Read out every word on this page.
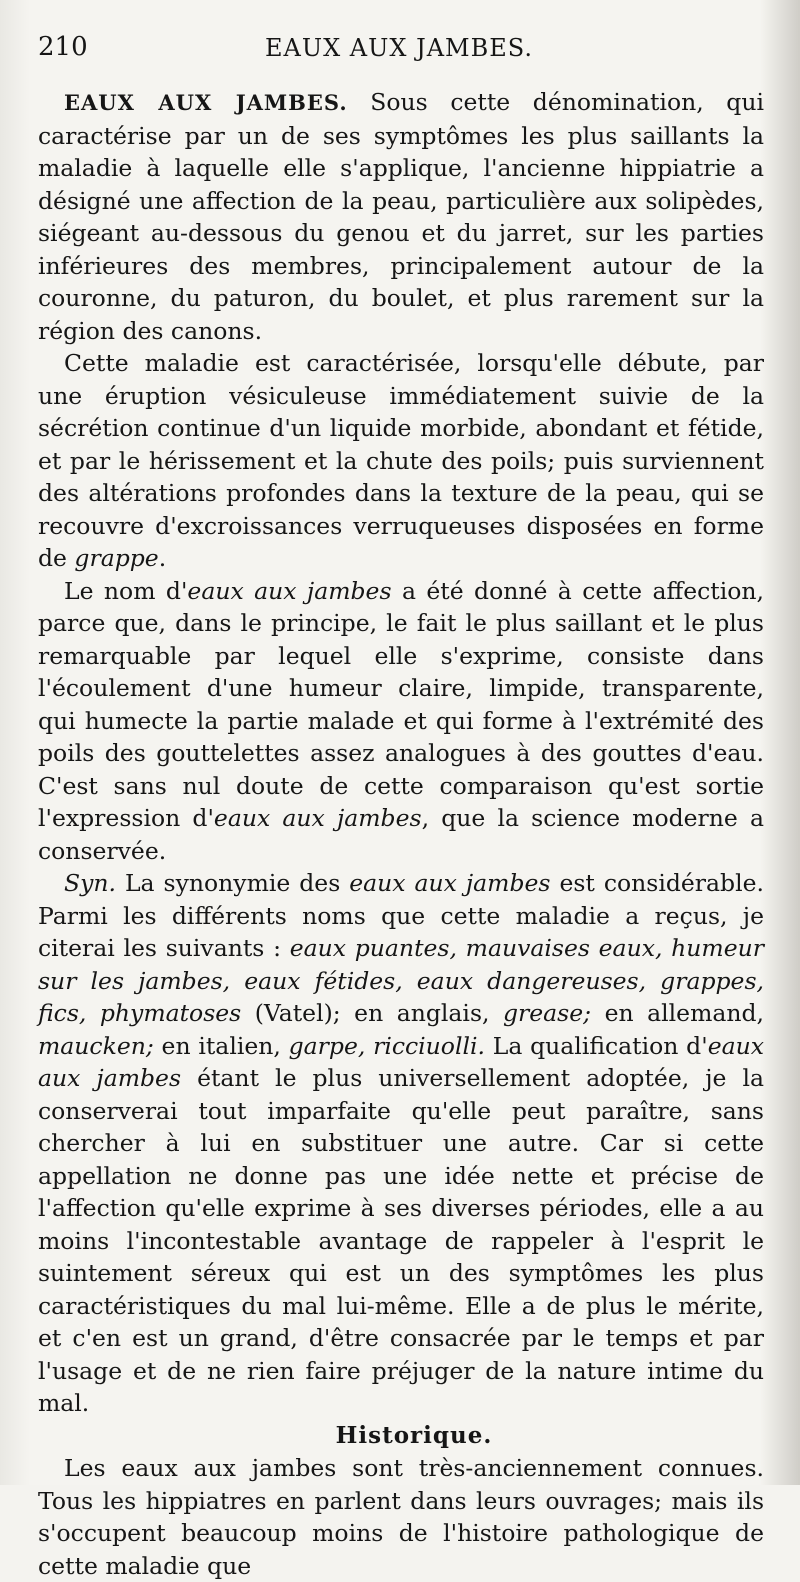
210	EAUX AUX JAMBES.

EAUX AUX JAMBES. Sous cette dénomination, qui caractérise par un de ses symptômes les plus saillants la maladie à laquelle elle s'applique, l'ancienne hippiatrie a désigné une affection de la peau, particulière aux solipèdes, siégeant au-dessous du genou et du jarret, sur les parties inférieures des membres, principalement autour de la couronne, du paturon, du boulet, et plus rarement sur la région des canons.

Cette maladie est caractérisée, lorsqu'elle débute, par une éruption vésiculeuse immédiatement suivie de la sécrétion continue d'un liquide morbide, abondant et fétide, et par le hérissement et la chute des poils; puis surviennent des altérations profondes dans la texture de la peau, qui se recouvre d'excroissances verruqueuses disposées en forme de grappe.

Le nom d'eaux aux jambes a été donné à cette affection, parce que, dans le principe, le fait le plus saillant et le plus remarquable par lequel elle s'exprime, consiste dans l'écoulement d'une humeur claire, limpide, transparente, qui humecte la partie malade et qui forme à l'extrémité des poils des gouttelettes assez analogues à des gouttes d'eau. C'est sans nul doute de cette comparaison qu'est sortie l'expression d'eaux aux jambes, que la science moderne a conservée.

Syn. La synonymie des eaux aux jambes est considérable. Parmi les différents noms que cette maladie a reçus, je citerai les suivants : eaux puantes, mauvaises eaux, humeur sur les jambes, eaux fétides, eaux dangereuses, grappes, fics, phymatoses (Vatel); en anglais, grease; en allemand, maucken; en italien, garpe, ricciuolli. La qualification d'eaux aux jambes étant le plus universellement adoptée, je la conserverai tout imparfaite qu'elle peut paraître, sans chercher à lui en substituer une autre. Car si cette appellation ne donne pas une idée nette et précise de l'affection qu'elle exprime à ses diverses périodes, elle a au moins l'incontestable avantage de rappeler à l'esprit le suintement séreux qui est un des symptômes les plus caractéristiques du mal lui-même. Elle a de plus le mérite, et c'en est un grand, d'être consacrée par le temps et par l'usage et de ne rien faire préjuger de la nature intime du mal.

Historique.

Les eaux aux jambes sont très-anciennement connues. Tous les hippiatres en parlent dans leurs ouvrages; mais ils s'occupent beaucoup moins de l'histoire pathologique de cette maladie que
